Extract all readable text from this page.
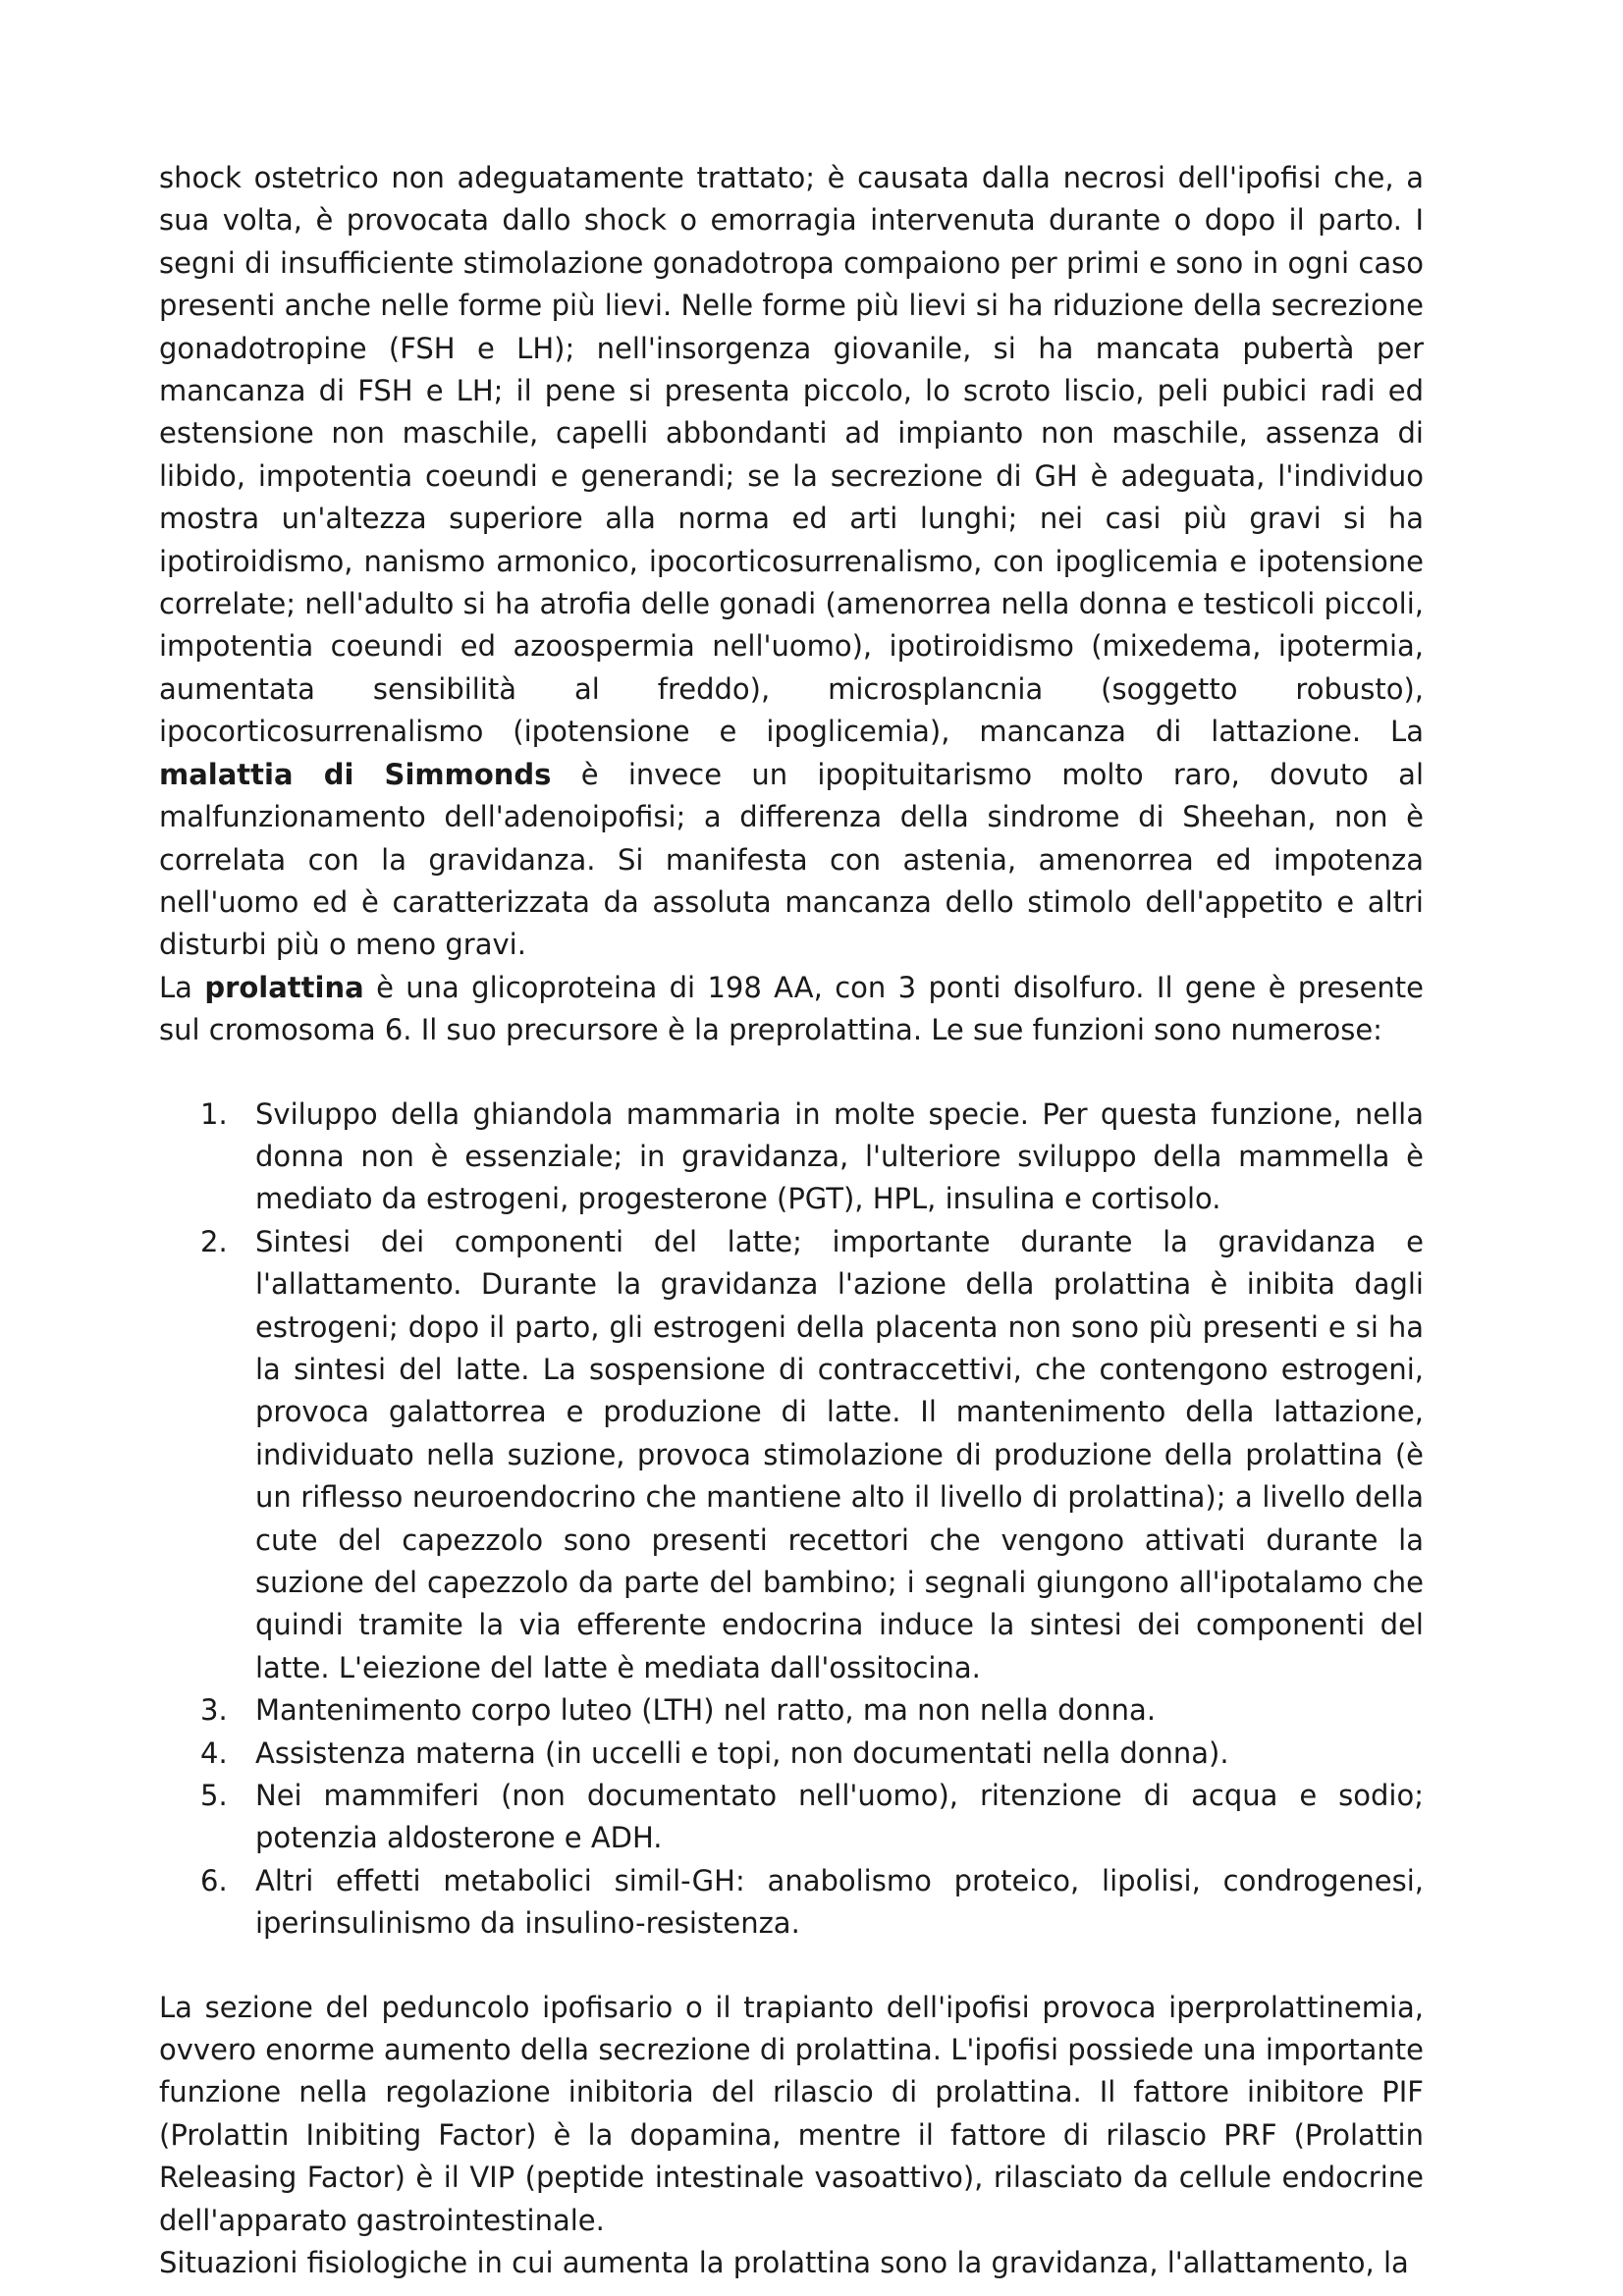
shock ostetrico non adeguatamente trattato; è causata dalla necrosi dell'ipofisi che, a sua volta, è provocata dallo shock o emorragia intervenuta durante o dopo il parto. I segni di insufficiente stimolazione gonadotropa compaiono per primi e sono in ogni caso presenti anche nelle forme più lievi. Nelle forme più lievi si ha riduzione della secrezione gonadotropine (FSH e LH); nell'insorgenza giovanile, si ha mancata pubertà per mancanza di FSH e LH; il pene si presenta piccolo, lo scroto liscio, peli pubici radi ed estensione non maschile, capelli abbondanti ad impianto non maschile, assenza di libido, impotentia coeundi e generandi; se la secrezione di GH è adeguata, l'individuo mostra un'altezza superiore alla norma ed arti lunghi; nei casi più gravi si ha ipotiroidismo, nanismo armonico, ipocorticosurrenalismo, con ipoglicemia e ipotensione correlate; nell'adulto si ha atrofia delle gonadi (amenorrea nella donna e testicoli piccoli, impotentia coeundi ed azoospermia nell'uomo), ipotiroidismo (mixedema, ipotermia, aumentata sensibilità al freddo), microsplancnia (soggetto robusto), ipocorticosurrenalismo (ipotensione e ipoglicemia), mancanza di lattazione. La malattia di Simmonds è invece un ipopituitarismo molto raro, dovuto al malfunzionamento dell'adenoipofisi; a differenza della sindrome di Sheehan, non è correlata con la gravidanza. Si manifesta con astenia, amenorrea ed impotenza nell'uomo ed è caratterizzata da assoluta mancanza dello stimolo dell'appetito e altri disturbi più o meno gravi.

La prolattina è una glicoproteina di 198 AA, con 3 ponti disolfuro. Il gene è presente sul cromosoma 6. Il suo precursore è la preprolattina. Le sue funzioni sono numerose:

1. Sviluppo della ghiandola mammaria in molte specie. Per questa funzione, nella donna non è essenziale; in gravidanza, l'ulteriore sviluppo della mammella è mediato da estrogeni, progesterone (PGT), HPL, insulina e cortisolo.
2. Sintesi dei componenti del latte; importante durante la gravidanza e l'allattamento. Durante la gravidanza l'azione della prolattina è inibita dagli estrogeni; dopo il parto, gli estrogeni della placenta non sono più presenti e si ha la sintesi del latte. La sospensione di contraccettivi, che contengono estrogeni, provoca galattorrea e produzione di latte. Il mantenimento della lattazione, individuato nella suzione, provoca stimolazione di produzione della prolattina (è un riflesso neuroendocrino che mantiene alto il livello di prolattina); a livello della cute del capezzolo sono presenti recettori che vengono attivati durante la suzione del capezzolo da parte del bambino; i segnali giungono all'ipotalamo che quindi tramite la via efferente endocrina induce la sintesi dei componenti del latte. L'eiezione del latte è mediata dall'ossitocina.
3. Mantenimento corpo luteo (LTH) nel ratto, ma non nella donna.
4. Assistenza materna (in uccelli e topi, non documentati nella donna).
5. Nei mammiferi (non documentato nell'uomo), ritenzione di acqua e sodio; potenzia aldosterone e ADH.
6. Altri effetti metabolici simil-GH: anabolismo proteico, lipolisi, condrogenesi, iperinsulinismo da insulino-resistenza.

La sezione del peduncolo ipofisario o il trapianto dell'ipofisi provoca iperprolattinemia, ovvero enorme aumento della secrezione di prolattina. L'ipofisi possiede una importante funzione nella regolazione inibitoria del rilascio di prolattina. Il fattore inibitore PIF (Prolattin Inibiting Factor) è la dopamina, mentre il fattore di rilascio PRF (Prolattin Releasing Factor) è il VIP (peptide intestinale vasoattivo), rilasciato da cellule endocrine dell'apparato gastrointestinale.

Situazioni fisiologiche in cui aumenta la prolattina sono la gravidanza, l'allattamento, la
